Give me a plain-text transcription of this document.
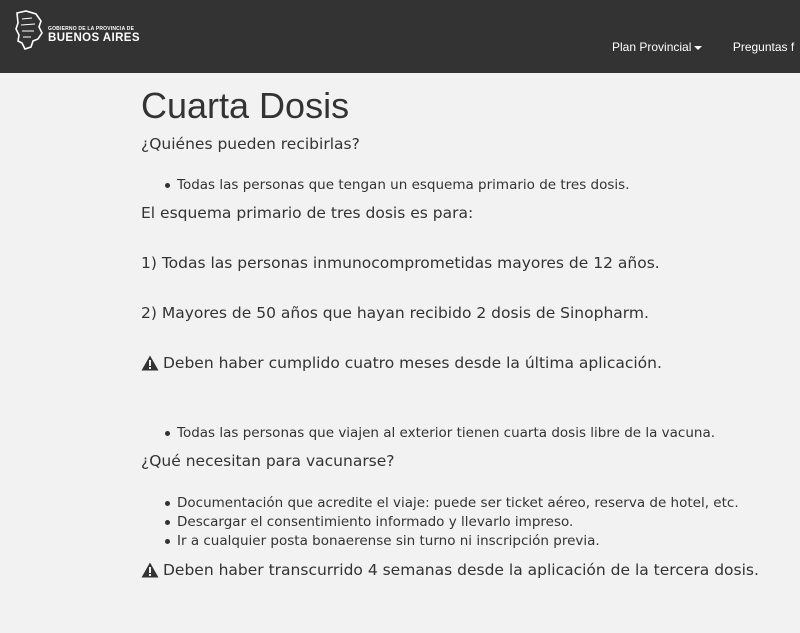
GOBIERNO DE LA PROVINCIA DE
BUENOS AIRES
Plan Provincial
	Preguntas f
Cuarta Dosis
¿Quiénes pueden recibirlas?
Todas las personas que tengan un esquema primario de tres dosis.

El esquema primario de tres dosis es para:

1) Todas las personas inmunocomprometidas mayores de 12 años.

2) Mayores de 50 años que hayan recibido 2 dosis de Sinopharm.

Deben haber cumplido cuatro meses desde la última aplicación.
Todas las personas que viajen al exterior tienen cuarta dosis libre de la vacuna.
¿Qué necesitan para vacunarse?
Documentación que acredite el viaje: puede ser ticket aéreo, reserva de hotel, etc.
Descargar el consentimiento informado y llevarlo impreso.
Ir a cualquier posta bonaerense sin turno ni inscripción previa.
Deben haber transcurrido 4 semanas desde la aplicación de la tercera dosis.
